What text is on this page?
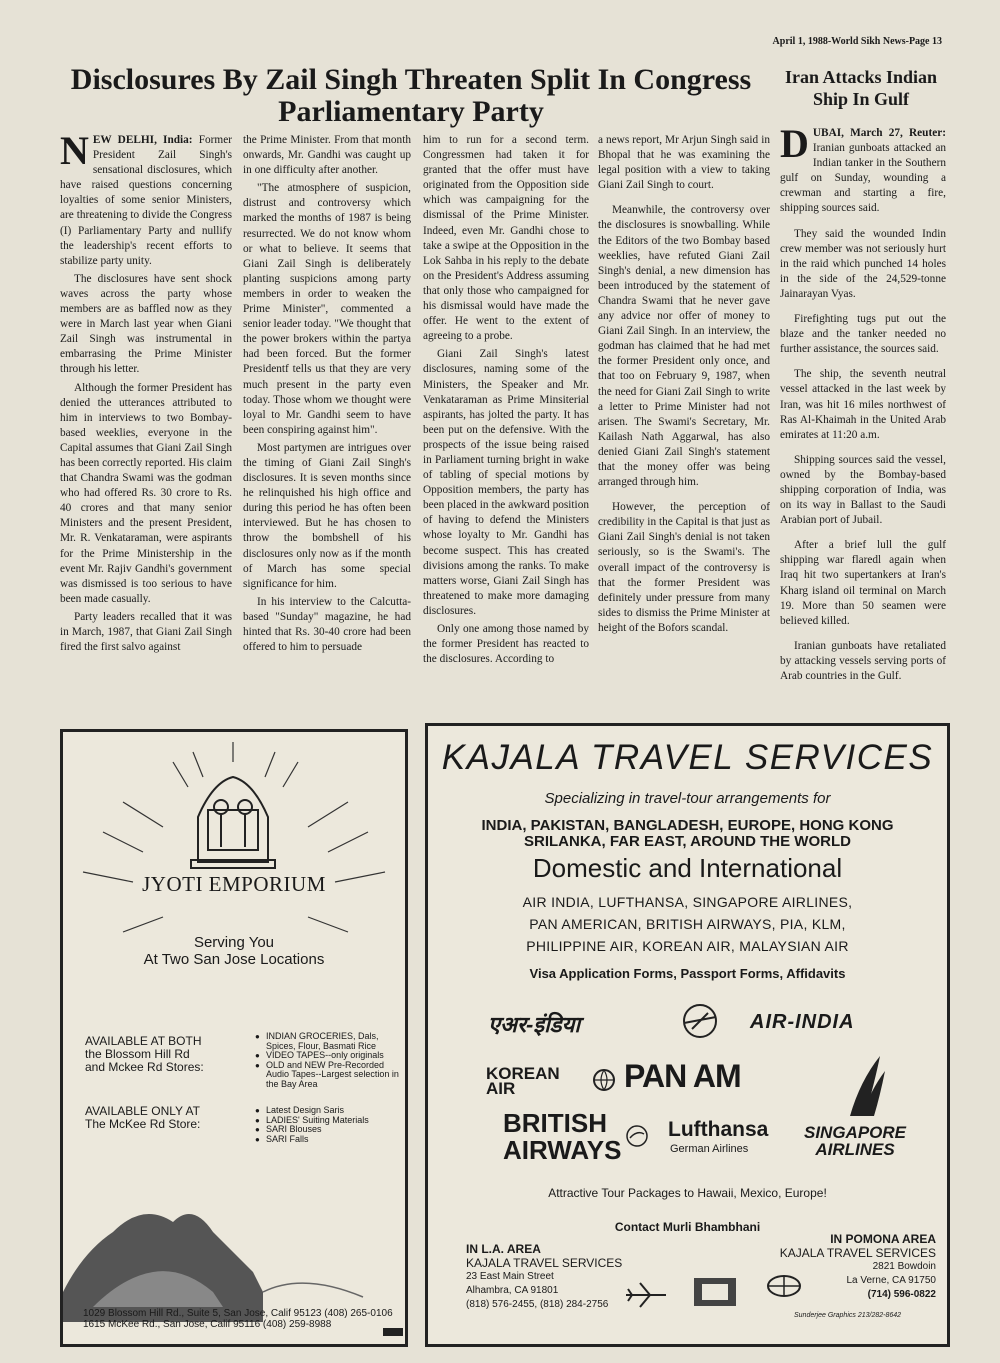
April 1, 1988-World Sikh News-Page 13
Disclosures By Zail Singh Threaten Split In Congress Parliamentary Party
Iran Attacks Indian Ship In Gulf

NEW DELHI, India: Former President Zail Singh's sensational disclosures, which have raised questions concerning loyalties of some senior Ministers, are threatening to divide the Congress (I) Parliamentary Party and nullify the leadership's recent efforts to stabilize party unity.

The disclosures have sent shock waves across the party whose members are as baffled now as they were in March last year when Giani Zail Singh was instrumental in embarrasing the Prime Minister through his letter.

Although the former President has denied the utterances attributed to him in interviews to two Bombay-based weeklies, everyone in the Capital assumes that Giani Zail Singh has been correctly reported. His claim that Chandra Swami was the godman who had offered Rs. 30 crore to Rs. 40 crores and that many senior Ministers and the present President, Mr. R. Venkataraman, were aspirants for the Prime Ministership in the event Mr. Rajiv Gandhi's government was dismissed is too serious to have been made casually.

Party leaders recalled that it was in March, 1987, that Giani Zail Singh fired the first salvo against

the Prime Minister. From that month onwards, Mr. Gandhi was caught up in one difficulty after another.

"The atmosphere of suspicion, distrust and controversy which marked the months of 1987 is being resurrected. We do not know whom or what to believe. It seems that Giani Zail Singh is deliberately planting suspicions among party members in order to weaken the Prime Minister", commented a senior leader today. "We thought that the power brokers within the partya had been forced. But the former Presidentf tells us that they are very much present in the party even today. Those whom we thought were loyal to Mr. Gandhi seem to have been conspiring against him".

Most partymen are intrigues over the timing of Giani Zail Singh's disclosures. It is seven months since he relinquished his high office and during this period he has often been interviewed. But he has chosen to throw the bombshell of his disclosures only now as if the month of March has some special significance for him.

In his interview to the Calcutta-based "Sunday" magazine, he had hinted that Rs. 30-40 crore had been offered to him to persuade

him to run for a second term. Congressmen had taken it for granted that the offer must have originated from the Opposition side which was campaigning for the dismissal of the Prime Minister. Indeed, even Mr. Gandhi chose to take a swipe at the Opposition in the Lok Sahba in his reply to the debate on the President's Address assuming that only those who campaigned for his dismissal would have made the offer. He went to the extent of agreeing to a probe.

Giani Zail Singh's latest disclosures, naming some of the Ministers, the Speaker and Mr. Venkataraman as Prime Minsiterial aspirants, has jolted the party. It has been put on the defensive. With the prospects of the issue being raised in Parliament turning bright in wake of tabling of special motions by Opposition members, the party has been placed in the awkward position of having to defend the Ministers whose loyalty to Mr. Gandhi has become suspect. This has created divisions among the ranks. To make matters worse, Giani Zail Singh has threatened to make more damaging disclosures.

Only one among those named by the former President has reacted to the disclosures. According to

a news report, Mr Arjun Singh said in Bhopal that he was examining the legal position with a view to taking Giani Zail Singh to court.

Meanwhile, the controversy over the disclosures is snowballing. While the Editors of the two Bombay based weeklies, have refuted Giani Zail Singh's denial, a new dimension has been introduced by the statement of Chandra Swami that he never gave any advice nor offer of money to Giani Zail Singh. In an interview, the godman has claimed that he had met the former President only once, and that too on February 9, 1987, when the need for Giani Zail Singh to write a letter to Prime Minister had not arisen. The Swami's Secretary, Mr. Kailash Nath Aggarwal, has also denied Giani Zail Singh's statement that the money offer was being arranged through him.

However, the perception of credibility in the Capital is that just as Giani Zail Singh's denial is not taken seriously, so is the Swami's. The overall impact of the controversy is that the former President was definitely under pressure from many sides to dismiss the Prime Minister at height of the Bofors scandal.

DUBAI, March 27, Reuter: Iranian gunboats attacked an Indian tanker in the Southern gulf on Sunday, wounding a crewman and starting a fire, shipping sources said.

They said the wounded Indin crew member was not seriously hurt in the raid which punched 14 holes in the side of the 24,529-tonne Jainarayan Vyas.

Firefighting tugs put out the blaze and the tanker needed no further assistance, the sources said.

The ship, the seventh neutral vessel attacked in the last week by Iran, was hit 16 miles northwest of Ras Al-Khaimah in the United Arab emirates at 11:20 a.m.

Shipping sources said the vessel, owned by the Bombay-based shipping corporation of India, was on its way in Ballast to the Saudi Arabian port of Jubail.

After a brief lull the gulf shipping war flaredl again when Iraq hit two supertankers at Iran's Kharg island oil terminal on March 19. More than 50 seamen were believed killed.

Iranian gunboats have retaliated by attacking vessels serving ports of Arab countries in the Gulf.

JYOTI EMPORIUM
Serving You
At Two San Jose Locations
AVAILABLE AT BOTH
the Blossom Hill Rd
and Mckee Rd Stores:
● INDIAN GROCERIES, Dals, Spices, Flour, Basmati Rice
● VIDEO TAPES--only originals
● OLD and NEW Pre-Recorded Audio Tapes--Largest selection in the Bay Area
AVAILABLE ONLY AT
The McKee Rd Store:
● Latest Design Saris
● LADIES' Suiting Materials
● SARI Blouses
● SARI Falls
1029 Blossom Hill Rd., Suite 5, San Jose, Calif 95123 (408) 265-0106
1615 McKee Rd., San Jose, Calif 95116 (408) 259-8988
KAJALA TRAVEL SERVICES
Specializing in travel-tour arrangements for
INDIA, PAKISTAN, BANGLADESH, EUROPE, HONG KONG
SRILANKA, FAR EAST, AROUND THE WORLD
Domestic and International
AIR INDIA, LUFTHANSA, SINGAPORE AIRLINES,
PAN AMERICAN, BRITISH AIRWAYS, PIA, KLM,
PHILIPPINE AIR, KOREAN AIR, MALAYSIAN AIR
Visa Application Forms, Passport Forms, Affidavits
एअर-इंडिया	AIR-INDIA
KOREAN
AIR	PAN AM
BRITISH
AIRWAYS
Lufthansa
German Airlines
SINGAPORE
AIRLINES
Attractive Tour Packages to Hawaii, Mexico, Europe!
Contact Murli Bhambhani
IN L.A. AREA
KAJALA TRAVEL SERVICES
23 East Main Street
Alhambra, CA 91801
(818) 576-2455, (818) 284-2756
IN POMONA AREA
KAJALA TRAVEL SERVICES
2821 Bowdoin
La Verne, CA 91750
(714) 596-0822
Sunderjee Graphics 213/282-8642
